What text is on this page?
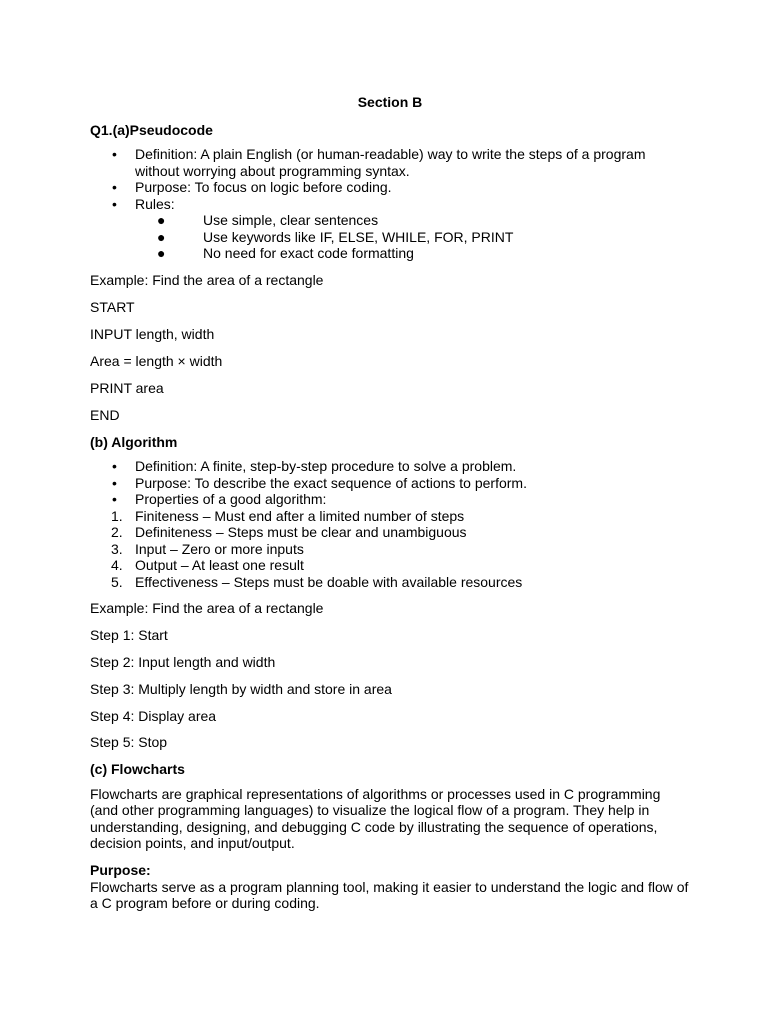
Section B
Q1.(a)Pseudocode
• Definition: A plain English (or human-readable) way to write the steps of a program without worrying about programming syntax.
• Purpose: To focus on logic before coding.
• Rules:
●	Use simple, clear sentences
●	Use keywords like IF, ELSE, WHILE, FOR, PRINT
●	No need for exact code formatting
Example: Find the area of a rectangle
START
INPUT length, width
Area = length × width
PRINT area
END
(b) Algorithm
• Definition: A finite, step-by-step procedure to solve a problem.
• Purpose: To describe the exact sequence of actions to perform.
• Properties of a good algorithm:
1. Finiteness – Must end after a limited number of steps
2. Definiteness – Steps must be clear and unambiguous
3. Input – Zero or more inputs
4. Output – At least one result
5. Effectiveness – Steps must be doable with available resources
Example: Find the area of a rectangle
Step 1: Start
Step 2: Input length and width
Step 3: Multiply length by width and store in area
Step 4: Display area
Step 5: Stop
(c) Flowcharts
Flowcharts are graphical representations of algorithms or processes used in C programming (and other programming languages) to visualize the logical flow of a program. They help in understanding, designing, and debugging C code by illustrating the sequence of operations, decision points, and input/output.
Purpose:
Flowcharts serve as a program planning tool, making it easier to understand the logic and flow of a C program before or during coding.
